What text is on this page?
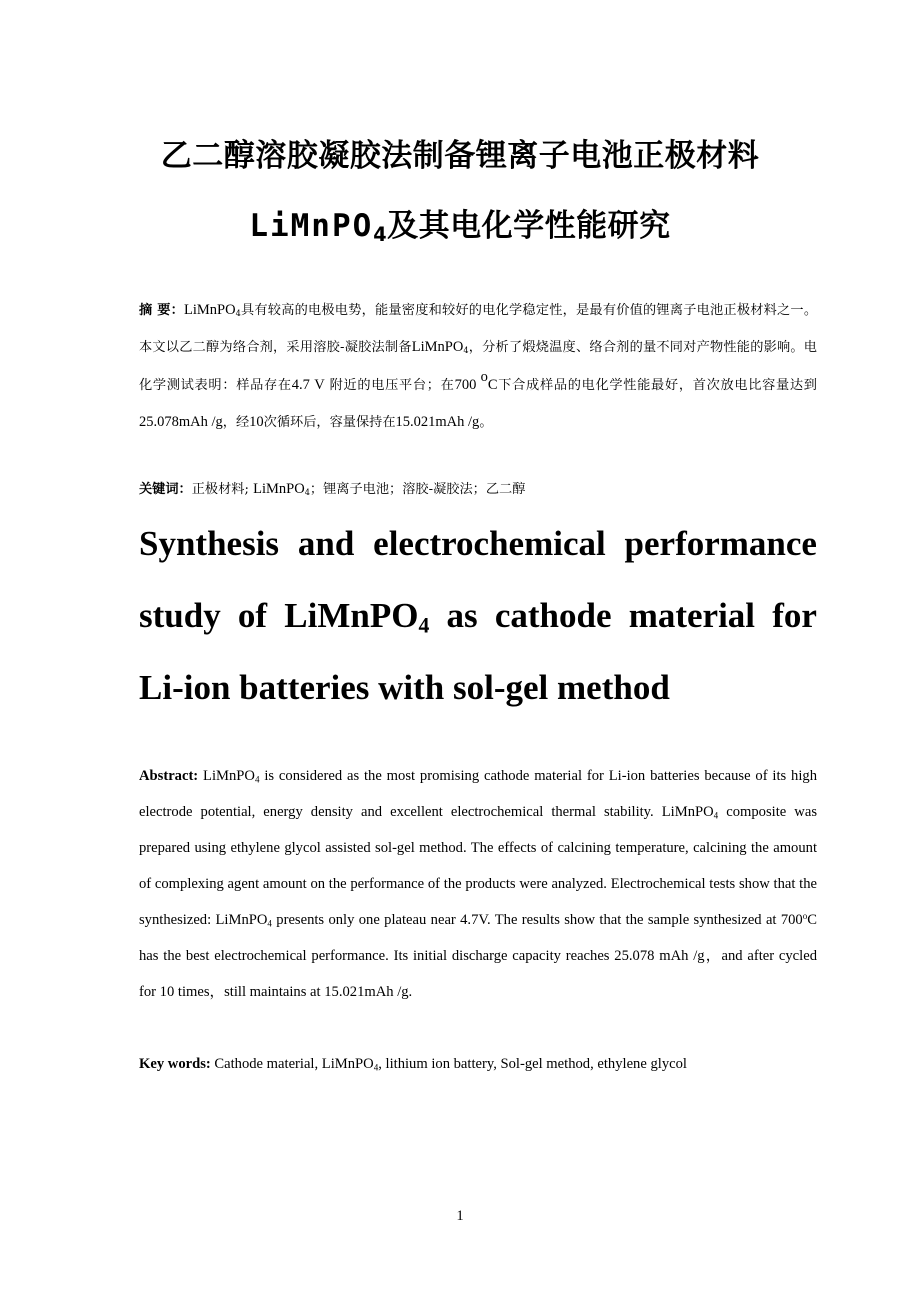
乙二醇溶胶凝胶法制备锂离子电池正极材料
LiMnPO$_4$及其电化学性能研究
摘 要：LiMnPO$_4$具有较高的电极电势，能量密度和较好的电化学稳定性，是最有价值的锂离子电池正极材料之一。本文以乙二醇为络合剂，采用溶胶-凝胶法制备LiMnPO$_4$，分析了煅烧温度、络合剂的量不同对产物性能的影响。电化学测试表明：样品存在4.7 V 附近的电压平台；在700 $^o$C下合成样品的电化学性能最好，首次放电比容量达到25.078mAh /g，经10次循环后，容量保持在15.021mAh /g。
关键词：正极材料; LiMnPO$_4$；锂离子电池；溶胶-凝胶法；乙二醇
Synthesis and electrochemical performance
study of LiMnPO$_4$ as cathode material for
Li-ion batteries with sol-gel method
Abstract: LiMnPO$_4$ is considered as the most promising cathode material for Li-ion batteries because of its high electrode potential, energy density and excellent electrochemical thermal stability. LiMnPO$_4$ composite was prepared using ethylene glycol assisted sol-gel method. The effects of calcining temperature, calcining the amount of complexing agent amount on the performance of the products were analyzed. Electrochemical tests show that the synthesized: LiMnPO$_4$ presents only one plateau near 4.7V. The results show that the sample synthesized at 700$^o$C has the best electrochemical performance. Its initial discharge capacity reaches 25.078 mAh /g，and after cycled for 10 times，still maintains at 15.021mAh /g.
Key words: Cathode material, LiMnPO$_4$, lithium ion battery, Sol-gel method, ethylene glycol
1
